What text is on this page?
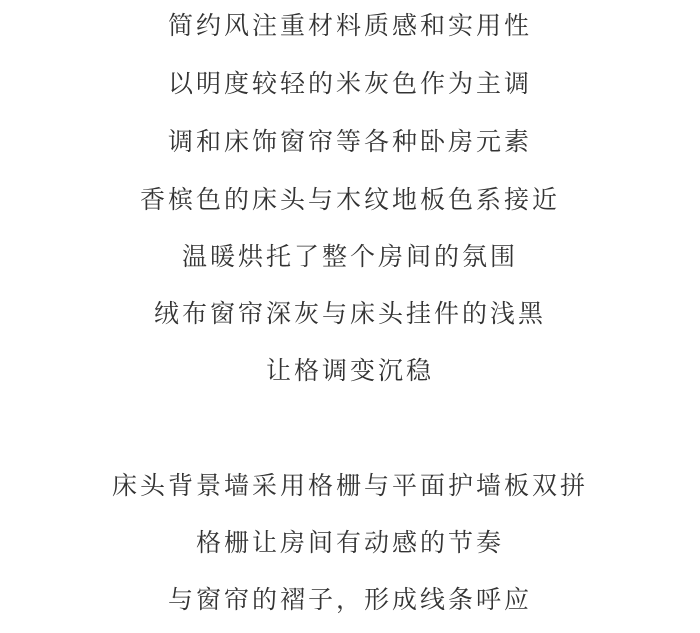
简约风注重材料质感和实用性
以明度较轻的米灰色作为主调
调和床饰窗帘等各种卧房元素
香槟色的床头与木纹地板色系接近
温暖烘托了整个房间的氛围
绒布窗帘深灰与床头挂件的浅黑
让格调变沉稳
床头背景墙采用格栅与平面护墙板双拼
格栅让房间有动感的节奏
与窗帘的褶子，形成线条呼应
